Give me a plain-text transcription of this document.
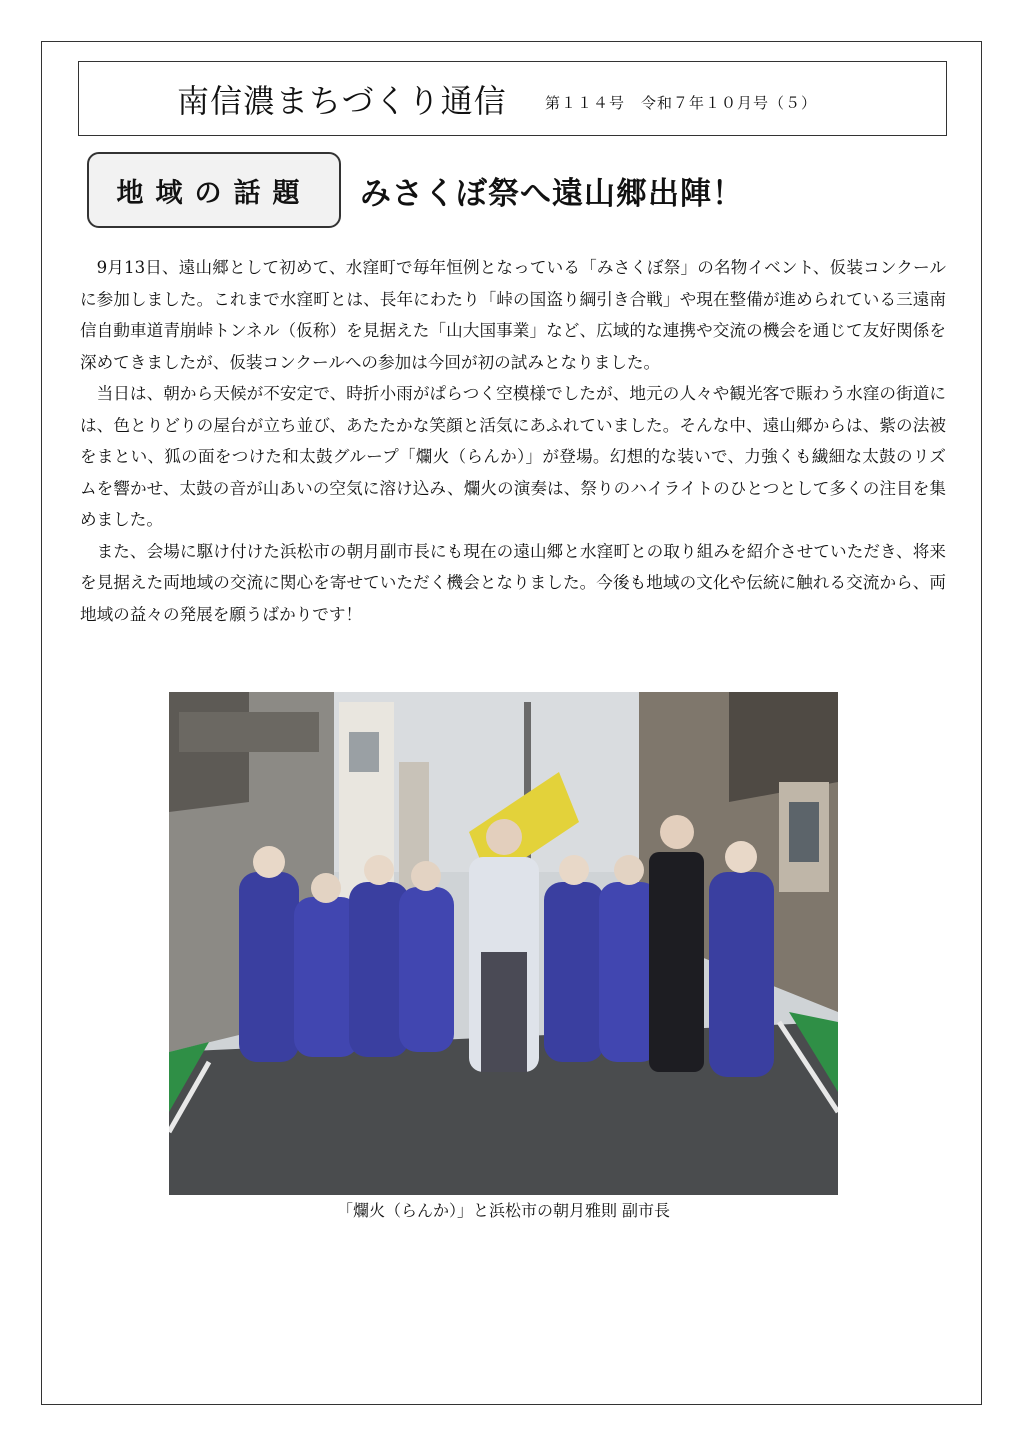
南信濃まちづくり通信	第１１４号　令和７年１０月号（５）
地域の話題 みさくぼ祭へ遠山郷出陣！

9月13日、遠山郷として初めて、水窪町で毎年恒例となっている「みさくぼ祭」の名物イベント、仮装コンクールに参加しました。これまで水窪町とは、長年にわたり「峠の国盗り綱引き合戦」や現在整備が進められている三遠南信自動車道青崩峠トンネル（仮称）を見据えた「山大国事業」など、広域的な連携や交流の機会を通じて友好関係を深めてきましたが、仮装コンクールへの参加は今回が初の試みとなりました。

当日は、朝から天候が不安定で、時折小雨がぱらつく空模様でしたが、地元の人々や観光客で賑わう水窪の街道には、色とりどりの屋台が立ち並び、あたたかな笑顔と活気にあふれていました。そんな中、遠山郷からは、紫の法被をまとい、狐の面をつけた和太鼓グループ「爛火（らんか）」が登場。幻想的な装いで、力強くも繊細な太鼓のリズムを響かせ、太鼓の音が山あいの空気に溶け込み、爛火の演奏は、祭りのハイライトのひとつとして多くの注目を集めました。

また、会場に駆け付けた浜松市の朝月副市長にも現在の遠山郷と水窪町との取り組みを紹介させていただき、将来を見据えた両地域の交流に関心を寄せていただく機会となりました。今後も地域の文化や伝統に触れる交流から、両地域の益々の発展を願うばかりです！

「爛火（らんか）」と浜松市の朝月雅則 副市長
